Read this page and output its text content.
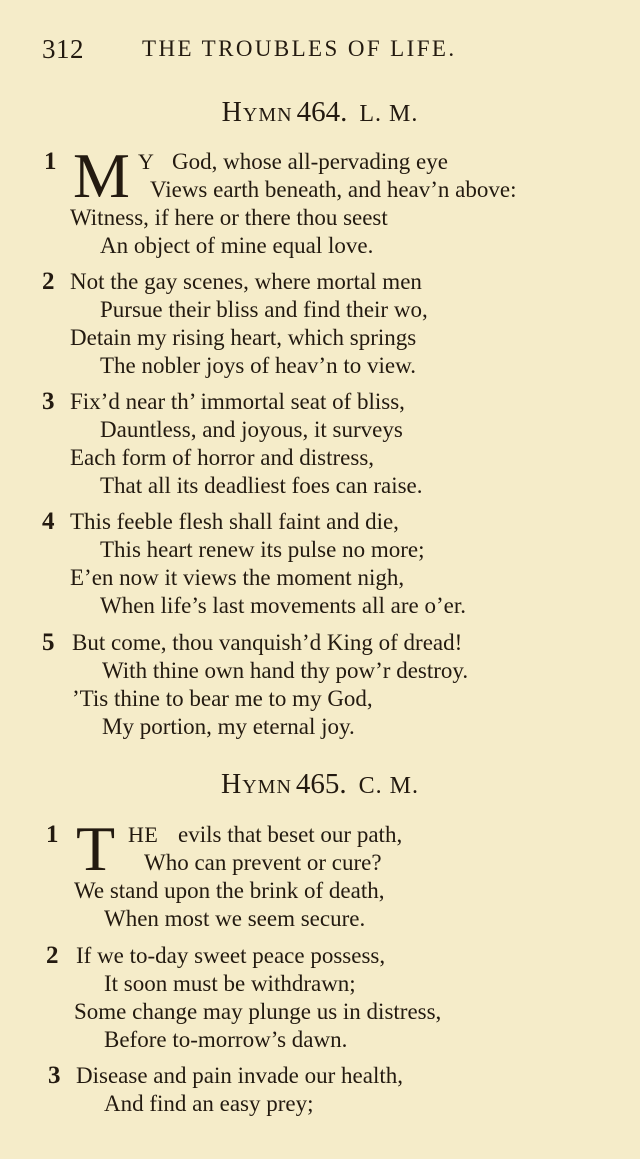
312	THE TROUBLES OF LIFE.
Hymn 464. L. M.
1 M Y God, whose all-pervading eye
Views earth beneath, and heav’n above:
Witness, if here or there thou seest
An object of mine equal love.
2 Not the gay scenes, where mortal men
Pursue their bliss and find their wo,
Detain my rising heart, which springs
The nobler joys of heav’n to view.
3 Fix’d near th’ immortal seat of bliss,
Dauntless, and joyous, it surveys
Each form of horror and distress,
That all its deadliest foes can raise.
4 This feeble flesh shall faint and die,
This heart renew its pulse no more;
E’en now it views the moment nigh,
When life’s last movements all are o’er.
5 But come, thou vanquish’d King of dread!
With thine own hand thy pow’r destroy.
’Tis thine to bear me to my God,
My portion, my eternal joy.
Hymn 465. C. M.
1 T HE evils that beset our path,
Who can prevent or cure?
We stand upon the brink of death,
When most we seem secure.
2 If we to-day sweet peace possess,
It soon must be withdrawn;
Some change may plunge us in distress,
Before to-morrow’s dawn.
3 Disease and pain invade our health,
And find an easy prey;
